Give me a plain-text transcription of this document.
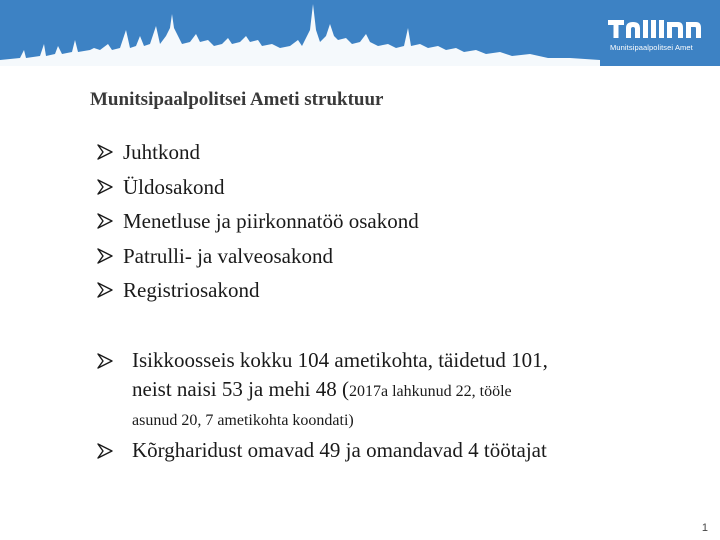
Munitsipaalpolitsei Amet
Munitsipaalpolitsei Ameti struktuur
Juhtkond
Üldosakond
Menetluse ja piirkonnatöö osakond
Patrulli- ja valveosakond
Registriosakond
Isikkoosseis kokku 104 ametikohta, täidetud 101,
neist naisi 53 ja mehi 48 (2017a lahkunud 22, tööle
asunud 20, 7 ametikohta koondati)
Kõrgharidust omavad 49 ja omandavad 4 töötajat
1
